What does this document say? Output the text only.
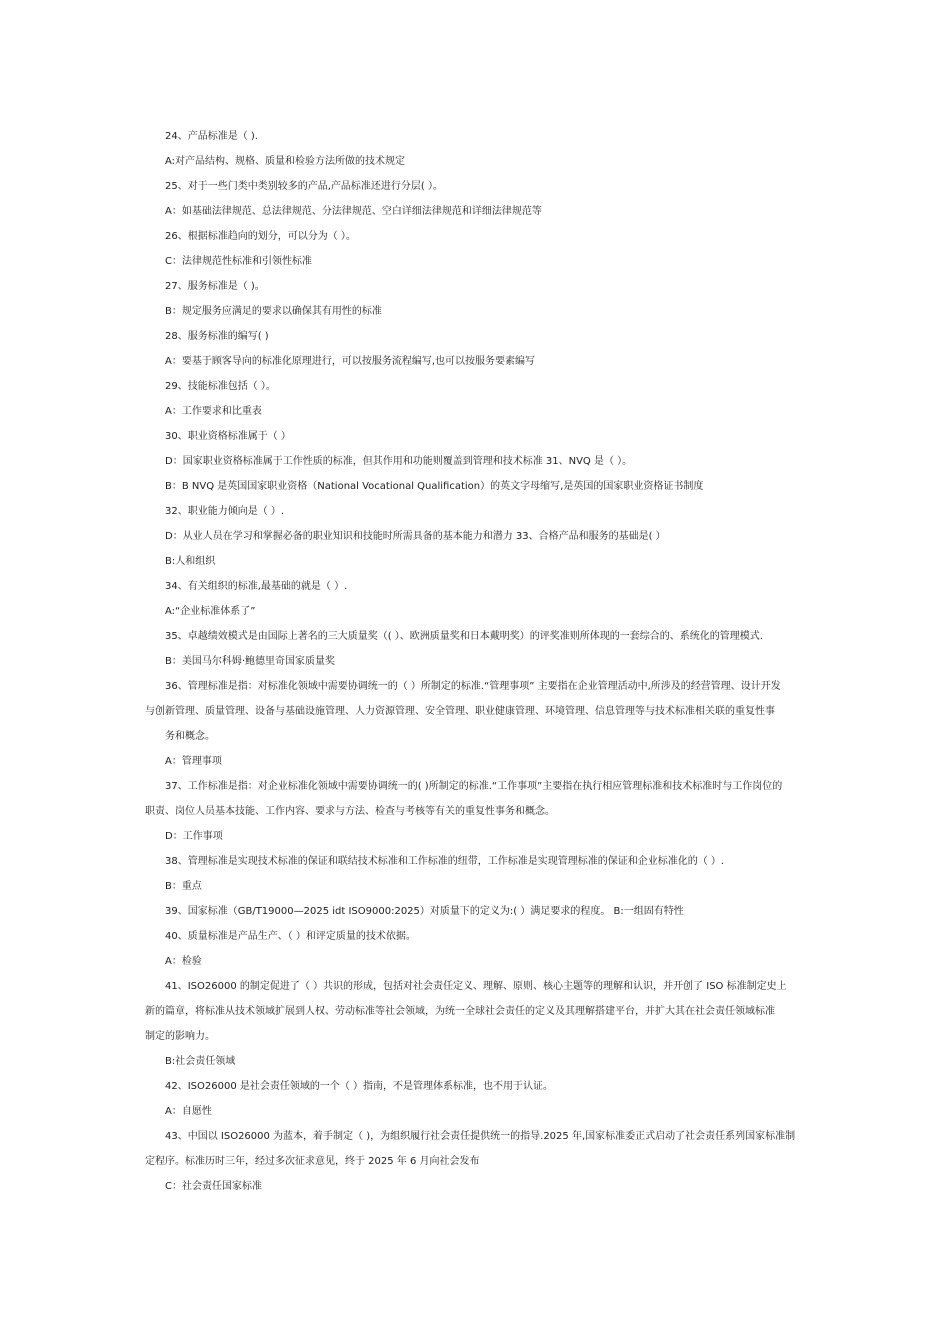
24、产品标准是（ ).
A:对产品结构、规格、质量和检验方法所做的技术规定
25、对于一些门类中类别较多的产品,产品标准还进行分层( ）。
A：如基础法律规范、总法律规范、分法律规范、空白详细法律规范和详细法律规范等
26、根据标准趋向的划分，可以分为（ ）。
C：法律规范性标准和引领性标准
27、服务标准是（ )。
B：规定服务应满足的要求以确保其有用性的标准
28、服务标准的编写( )
A：要基于顾客导向的标准化原理进行，可以按服务流程编写,也可以按服务要素编写
29、技能标准包括（ ）。
A：工作要求和比重表
30、职业资格标准属于（ ）
D：国家职业资格标准属于工作性质的标准，但其作用和功能则覆盖到管理和技术标准 31、NVQ 是（ ）。
B：B NVQ 是英国国家职业资格（National Vocational Qualification）的英文字母缩写,是英国的国家职业资格证书制度
32、职业能力倾向是（ ）.
D：从业人员在学习和掌握必备的职业知识和技能时所需具备的基本能力和潜力 33、合格产品和服务的基础是( ）
B:人和组织
34、有关组织的标准,最基础的就是（ ）.
A:“企业标准体系了”
35、卓越绩效模式是由国际上著名的三大质量奖（( ）、欧洲质量奖和日本戴明奖）的评奖准则所体现的一套综合的、系统化的管理模式.
B：美国马尔科姆·鲍德里奇国家质量奖
36、管理标准是指：对标准化领域中需要协调统一的（ ）所制定的标准.“管理事项” 主要指在企业管理活动中,所涉及的经营管理、设计开发
与创新管理、质量管理、设备与基础设施管理、人力资源管理、安全管理、职业健康管理、环境管理、信息管理等与技术标准相关联的重复性事
务和概念。
A：管理事项
37、工作标准是指：对企业标准化领域中需要协调统一的( )所制定的标准.“工作事项”主要指在执行相应管理标准和技术标准时与工作岗位的
职责、岗位人员基本技能、工作内容、要求与方法、检查与考核等有关的重复性事务和概念。
D：工作事项
38、管理标准是实现技术标准的保证和联结技术标准和工作标准的纽带，工作标准是实现管理标准的保证和企业标准化的（ ）.
B：重点
39、国家标准（GB/T19000—2025 idt ISO9000:2025）对质量下的定义为:( ）满足要求的程度。 B:一组固有特性
40、质量标准是产品生产、（ ）和评定质量的技术依据。
A：检验
41、ISO26000 的制定促进了（ ）共识的形成，包括对社会责任定义、理解、原则、核心主题等的理解和认识，并开创了 ISO 标准制定史上
新的篇章，将标准从技术领域扩展到人权、劳动标准等社会领域，为统一全球社会责任的定义及其理解搭建平台，并扩大其在社会责任领域标准
制定的影响力。
B:社会责任领域
42、ISO26000 是社会责任领域的一个（ ）指南，不是管理体系标准，也不用于认证。
A：自愿性
43、中国以 ISO26000 为蓝本，着手制定（ )，为组织履行社会责任提供统一的指导.2025 年,国家标准委正式启动了社会责任系列国家标准制
定程序。标准历时三年，经过多次征求意见，终于 2025 年 6 月向社会发布
C：社会责任国家标准
